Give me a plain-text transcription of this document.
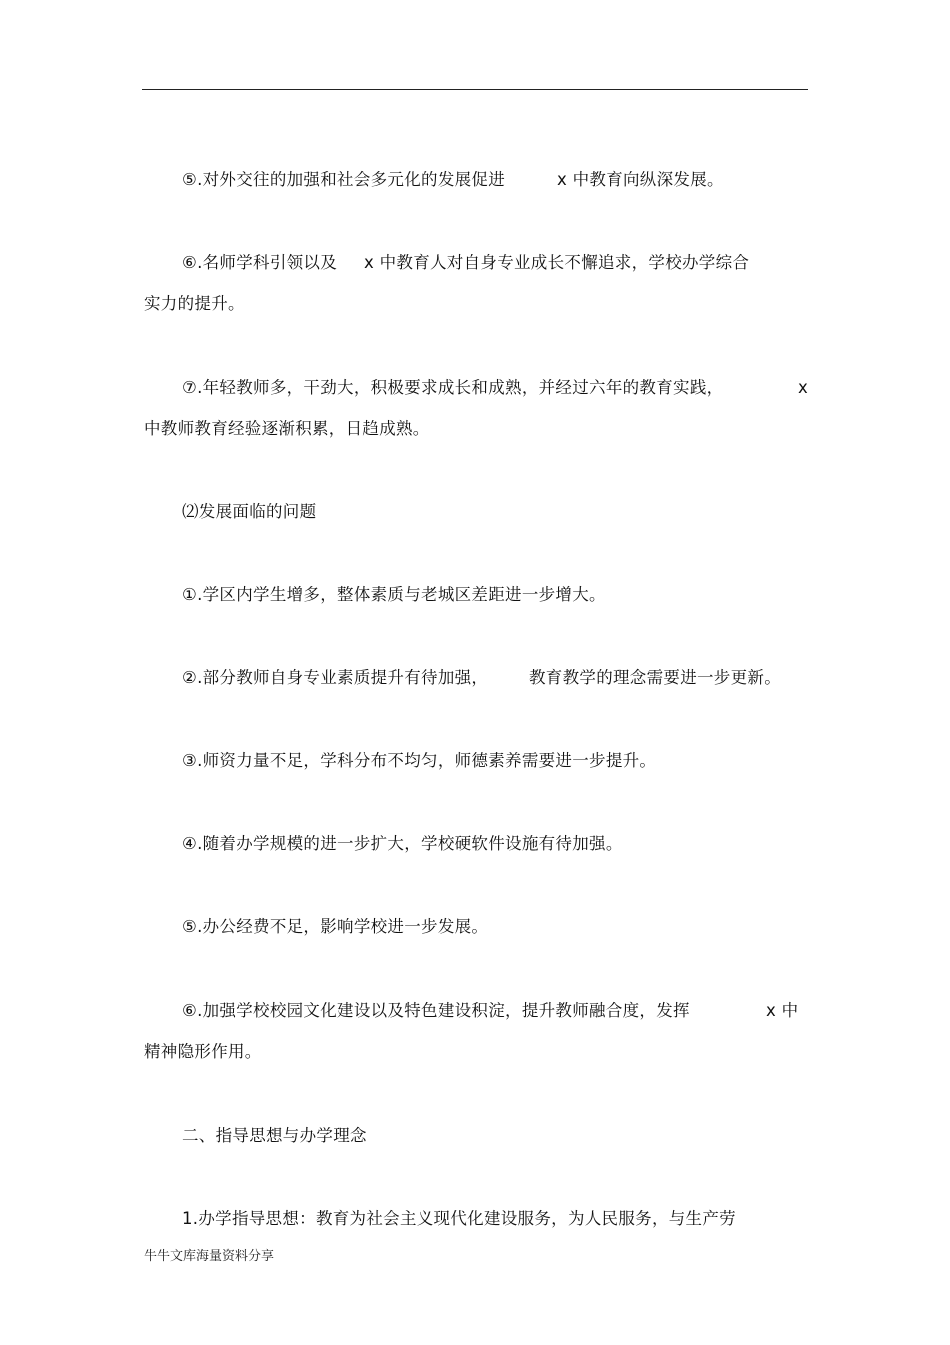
⑤.对外交往的加强和社会多元化的发展促进	x 中教育向纵深发展。
⑥.名师学科引领以及 x 中教育人对自身专业成长不懈追求，学校办学综合
实力的提升。
⑦.年轻教师多，干劲大，积极要求成长和成熟，并经过六年的教育实践，	x
中教师教育经验逐渐积累，日趋成熟。
⑵发展面临的问题
①.学区内学生增多，整体素质与老城区差距进一步增大。
②.部分教师自身专业素质提升有待加强， 教育教学的理念需要进一步更新。
③.师资力量不足，学科分布不均匀，师德素养需要进一步提升。
④.随着办学规模的进一步扩大，学校硬软件设施有待加强。
⑤.办公经费不足，影响学校进一步发展。
⑥.加强学校校园文化建设以及特色建设积淀，提升教师融合度，发挥	x 中
精神隐形作用。
二、指导思想与办学理念
1.办学指导思想：教育为社会主义现代化建设服务，为人民服务，与生产劳
牛牛文库海量资料分享
